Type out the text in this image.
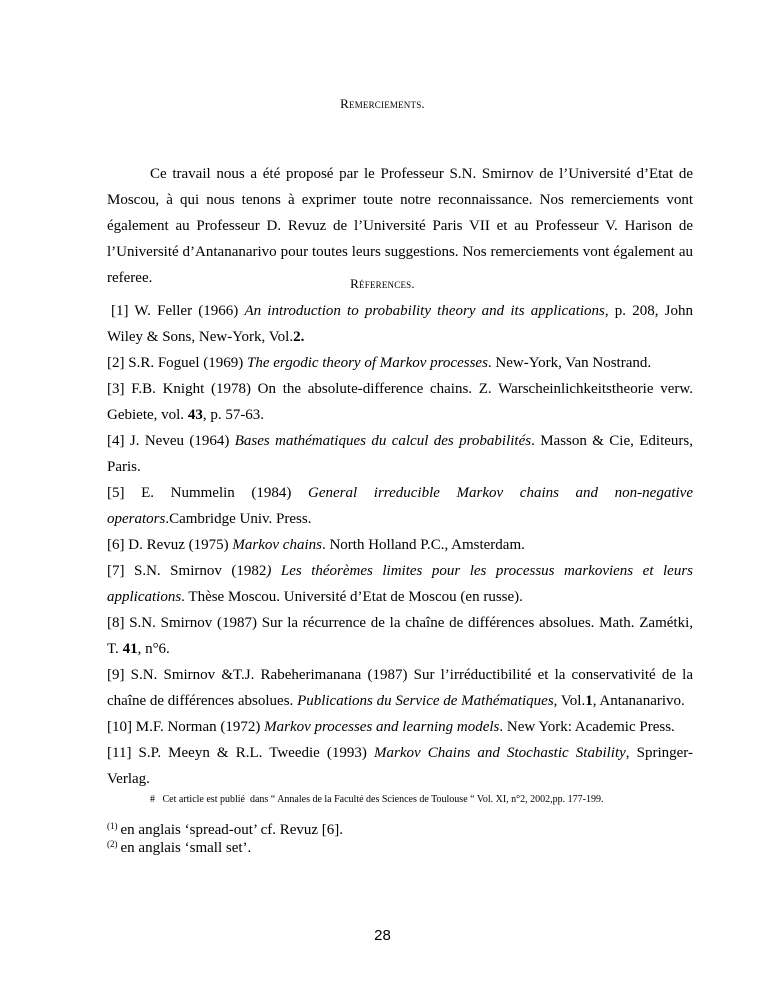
Remerciements.

Ce travail nous a été proposé par le Professeur S.N. Smirnov de l’Université d’Etat de Moscou, à qui nous tenons à exprimer toute notre reconnaissance. Nos remerciements vont également au Professeur D. Revuz de l’Université Paris VII et au Professeur V. Harison de l’Université d’Antananarivo pour toutes leurs suggestions. Nos remerciements vont également au referee.	Réferences.
[1] W. Feller (1966) An introduction to probability theory and its applications, p. 208, John Wiley & Sons, New-York, Vol.2.
[2] S.R. Foguel (1969) The ergodic theory of Markov processes. New-York, Van Nostrand.
[3] F.B. Knight (1978) On the absolute-difference chains. Z. Warscheinlichkeitstheorie verw. Gebiete, vol. 43, p. 57-63.
[4] J. Neveu (1964) Bases mathématiques du calcul des probabilités. Masson & Cie, Editeurs, Paris.
[5] E. Nummelin (1984) General irreducible Markov chains and non-negative operators.Cambridge Univ. Press.
[6] D. Revuz (1975) Markov chains. North Holland P.C., Amsterdam.
[7] S.N. Smirnov (1982) Les théorèmes limites pour les processus markoviens et leurs applications. Thèse Moscou. Université d’Etat de Moscou (en russe).
[8] S.N. Smirnov (1987) Sur la récurrence de la chaîne de différences absolues. Math. Zamétki, T. 41, n°6.
[9] S.N. Smirnov &T.J. Rabeherimanana (1987) Sur l’irréductibilité et la conservativité de la chaîne de différences absolues. Publications du Service de Mathématiques, Vol.1, Antananarivo.
[10] M.F. Norman (1972) Markov processes and learning models. New York: Academic Press.
[11] S.P. Meeyn & R.L. Tweedie (1993) Markov Chains and Stochastic Stability, Springer-Verlag.
#   Cet article est publié  dans “ Annales de la Faculté des Sciences de Toulouse “ Vol. XI, n°2, 2002,pp. 177-199.
$^{(1)}$ en anglais ‘spread-out’ cf. Revuz [6].
$^{(2)}$ en anglais ‘small set’.
28
